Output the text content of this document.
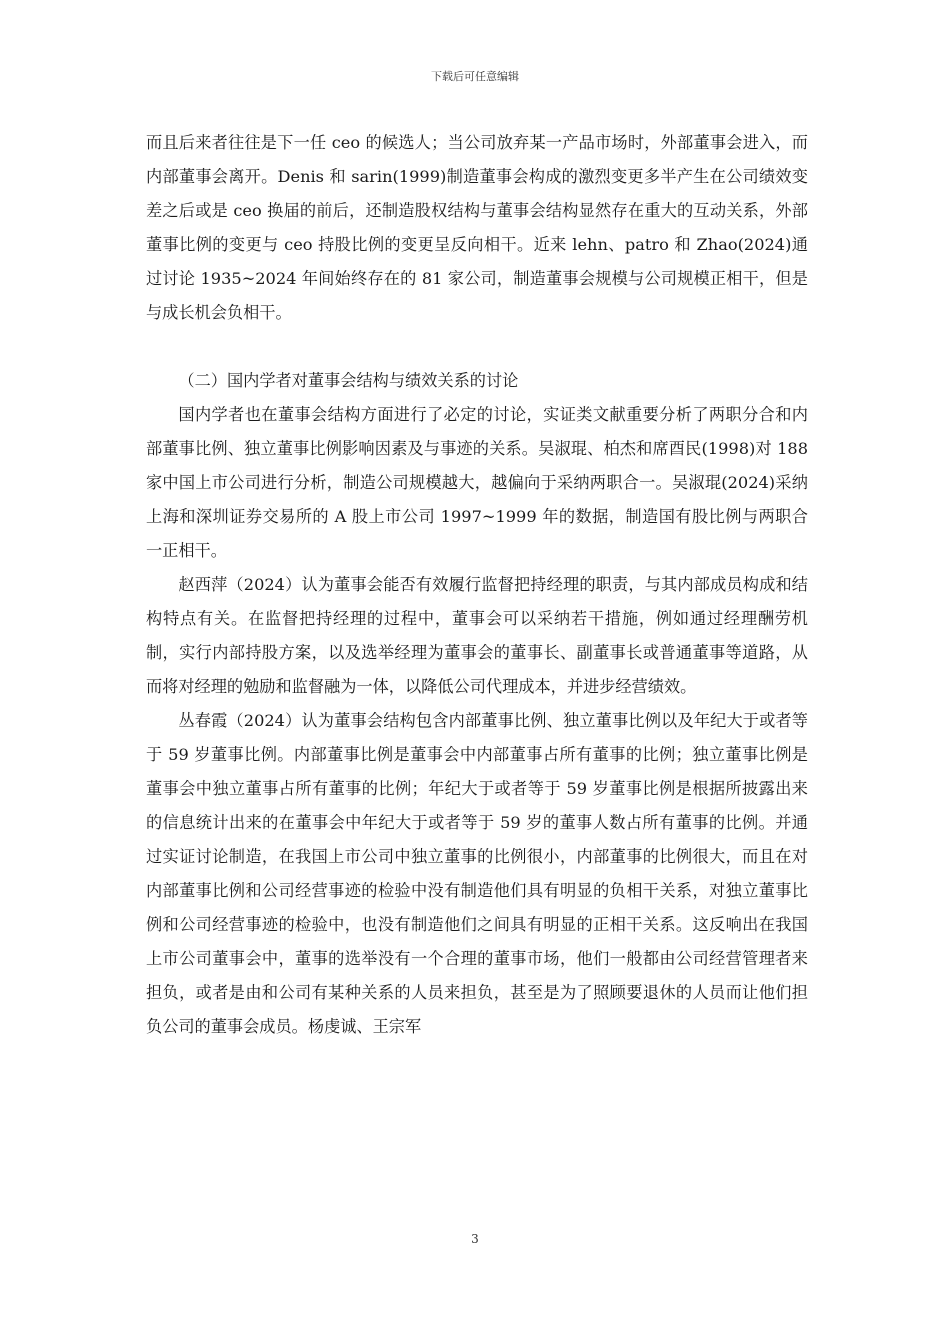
下载后可任意编辑

而且后来者往往是下一任 ceo 的候选人；当公司放弃某一产品市场时，外部董事会进入，而内部董事会离开。Denis 和 sarin(1999)制造董事会构成的激烈变更多半产生在公司绩效变差之后或是 ceo 换届的前后，还制造股权结构与董事会结构显然存在重大的互动关系，外部董事比例的变更与 ceo 持股比例的变更呈反向相干。近来 lehn、patro 和 Zhao(2024)通过讨论 1935~2024 年间始终存在的 81 家公司，制造董事会规模与公司规模正相干，但是与成长机会负相干。

（二）国内学者对董事会结构与绩效关系的讨论

国内学者也在董事会结构方面进行了必定的讨论，实证类文献重要分析了两职分合和内部董事比例、独立董事比例影响因素及与事迹的关系。吴淑琨、柏杰和席酉民(1998)对 188 家中国上市公司进行分析，制造公司规模越大，越偏向于采纳两职合一。吴淑琨(2024)采纳上海和深圳证券交易所的 A 股上市公司 1997~1999 年的数据，制造国有股比例与两职合一正相干。

赵西萍（2024）认为董事会能否有效履行监督把持经理的职责，与其内部成员构成和结构特点有关。在监督把持经理的过程中，董事会可以采纳若干措施，例如通过经理酬劳机制，实行内部持股方案，以及选举经理为董事会的董事长、副董事长或普通董事等道路，从而将对经理的勉励和监督融为一体，以降低公司代理成本，并进步经营绩效。

丛春霞（2024）认为董事会结构包含内部董事比例、独立董事比例以及年纪大于或者等于 59 岁董事比例。内部董事比例是董事会中内部董事占所有董事的比例；独立董事比例是董事会中独立董事占所有董事的比例；年纪大于或者等于 59 岁董事比例是根据所披露出来的信息统计出来的在董事会中年纪大于或者等于 59 岁的董事人数占所有董事的比例。并通过实证讨论制造，在我国上市公司中独立董事的比例很小，内部董事的比例很大，而且在对内部董事比例和公司经营事迹的检验中没有制造他们具有明显的负相干关系，对独立董事比例和公司经营事迹的检验中，也没有制造他们之间具有明显的正相干关系。这反响出在我国上市公司董事会中，董事的选举没有一个合理的董事市场，他们一般都由公司经营管理者来担负，或者是由和公司有某种关系的人员来担负，甚至是为了照顾要退休的人员而让他们担负公司的董事会成员。杨虔诚、王宗军

3
